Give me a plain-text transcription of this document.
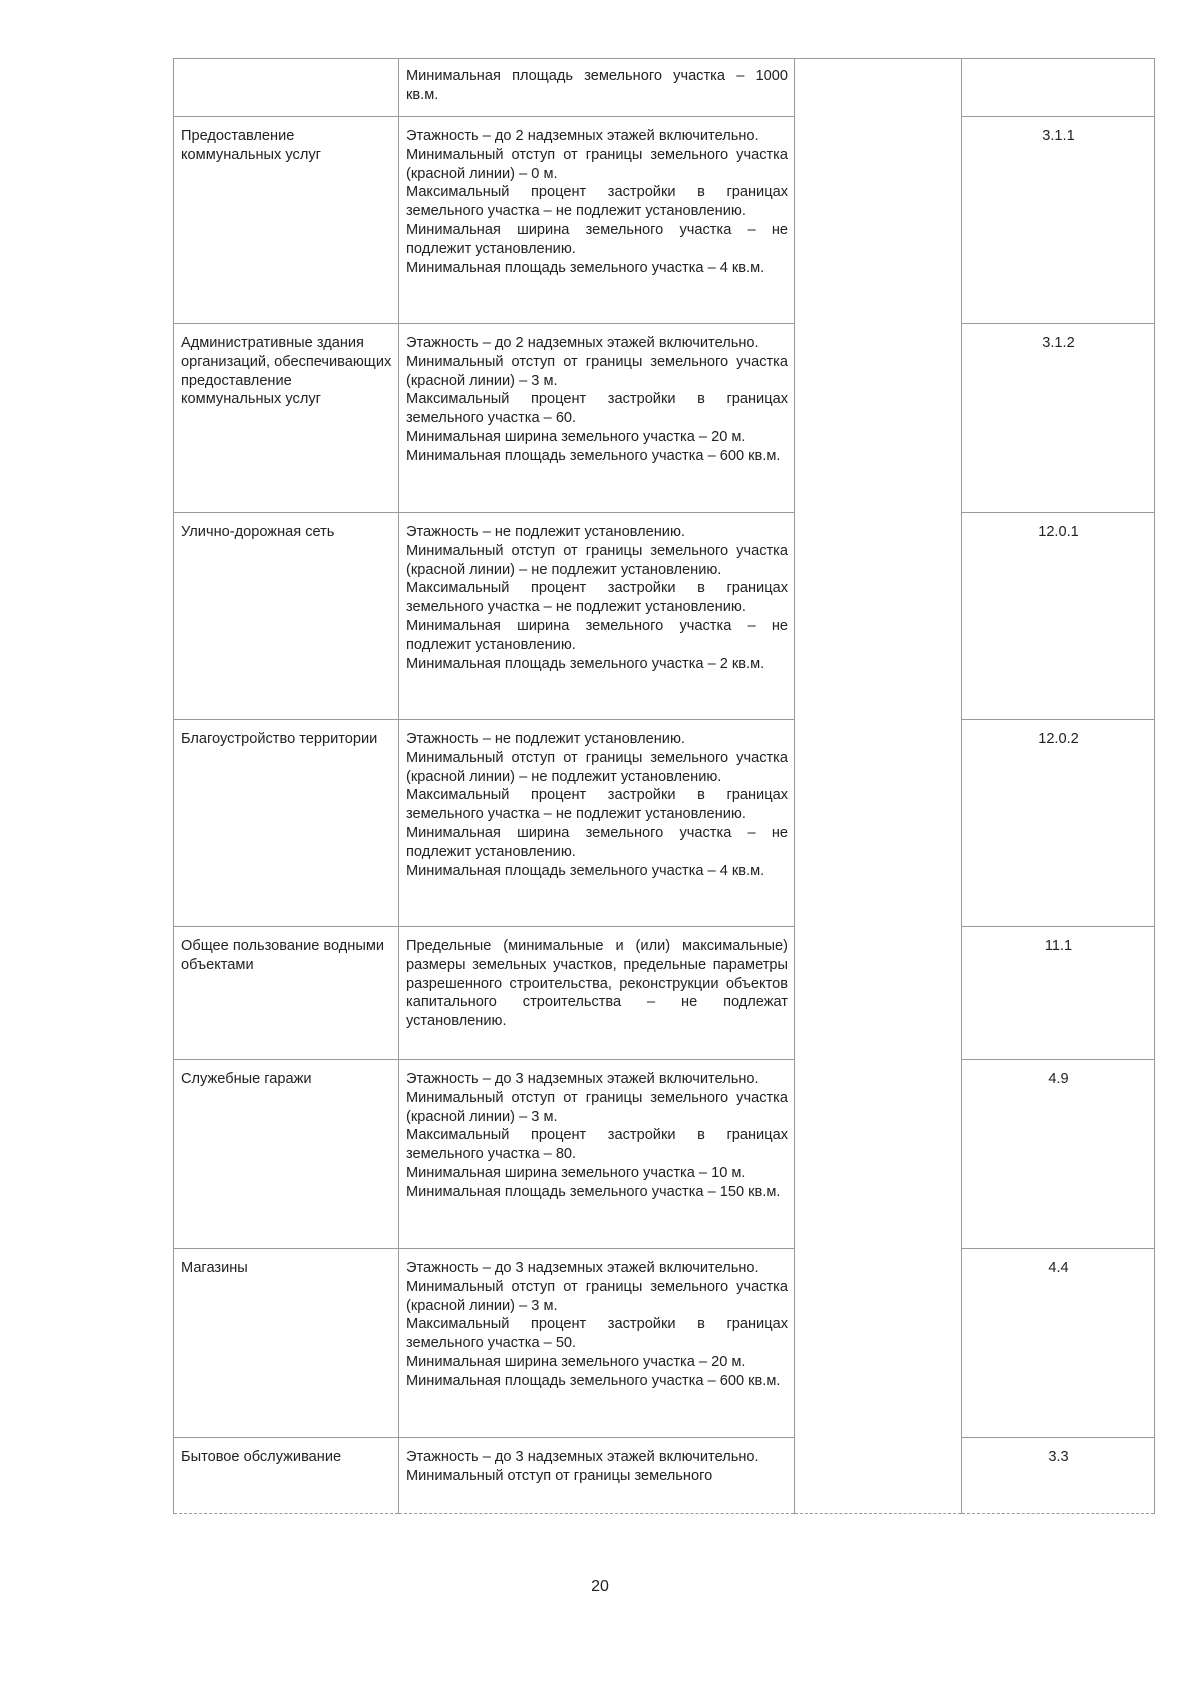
	Минимальная площадь земельного участка – 1000 кв.м.		

Предоставление коммунальных услуг	Этажность – до 2 надземных этажей включительно.
Минимальный отступ от границы земельного участка (красной линии) – 0 м.
Максимальный процент застройки в границах земельного участка – не подлежит установлению.
Минимальная ширина земельного участка – не подлежит установлению.
Минимальная площадь земельного участка – 4 кв.м.		3.1.1
Административные здания организаций, обеспечивающих предоставление коммунальных услуг	Этажность – до 2 надземных этажей включительно.
Минимальный отступ от границы земельного участка (красной линии) – 3 м.
Максимальный процент застройки в границах земельного участка – 60.
Минимальная ширина земельного участка – 20 м.
Минимальная площадь земельного участка – 600 кв.м.		3.1.2
Улично-дорожная сеть	Этажность – не подлежит установлению.
Минимальный отступ от границы земельного участка (красной линии) – не подлежит установлению.
Максимальный процент застройки в границах земельного участка – не подлежит установлению.
Минимальная ширина земельного участка – не подлежит установлению.
Минимальная площадь земельного участка – 2 кв.м.		12.0.1
Благоустройство территории	Этажность – не подлежит установлению.
Минимальный отступ от границы земельного участка (красной линии) – не подлежит установлению.
Максимальный процент застройки в границах земельного участка – не подлежит установлению.
Минимальная ширина земельного участка – не подлежит установлению.
Минимальная площадь земельного участка – 4 кв.м.		12.0.2
Общее пользование водными объектами	Предельные (минимальные и (или) максимальные) размеры земельных участков, предельные параметры разрешенного строительства, реконструкции объектов капитального строительства – не подлежат установлению.		11.1
Служебные гаражи	Этажность – до 3 надземных этажей включительно.
Минимальный отступ от границы земельного участка (красной линии) – 3 м.
Максимальный процент застройки в границах земельного участка – 80.
Минимальная ширина земельного участка – 10 м.
Минимальная площадь земельного участка – 150 кв.м.		4.9
Магазины	Этажность – до 3 надземных этажей включительно.
Минимальный отступ от границы земельного участка (красной линии) – 3 м.
Максимальный процент застройки в границах земельного участка – 50.
Минимальная ширина земельного участка – 20 м.
Минимальная площадь земельного участка – 600 кв.м.		4.4
Бытовое обслуживание	Этажность – до 3 надземных этажей включительно.
Минимальный отступ от границы земельного		3.3
20
